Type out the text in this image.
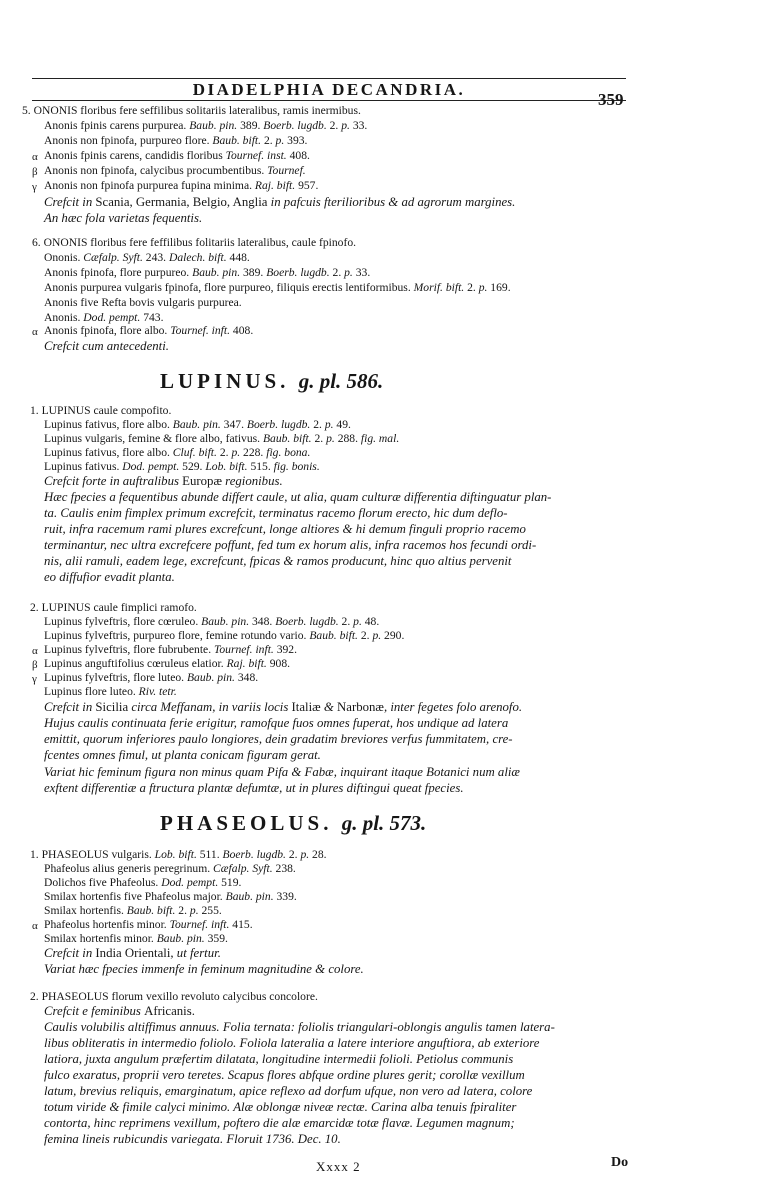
DIADELPHIA DECANDRIA.
359
5. ONONIS floribus fere seffilibus solitariis lateralibus, ramis inermibus.
Anonis fpinis carens purpurea. Baub. pin. 389. Boerb. lugdb. 2. p. 33.
Anonis non fpinofa, purpureo flore. Baub. bift. 2. p. 393.
α Anonis fpinis carens, candidis floribus Tournef. inst. 408.
β Anonis non fpinofa, calycibus procumbentibus. Tournef.
γ Anonis non fpinofa purpurea fupina minima. Raj. bift. 957.
Crefcit in Scania, Germania, Belgio, Anglia in pafcuis fterilioribus & ad agrorum margines.
An hæc fola varietas fequentis.
6. ONONIS floribus fere feffilibus folitariis lateralibus, caule fpinofo.
Ononis. Cæfalp. Syft. 243. Dalech. bift. 448.
Anonis fpinofa, flore purpureo. Baub. pin. 389. Boerb. lugdb. 2. p. 33.
Anonis purpurea vulgaris fpinofa, flore purpureo, filiquis erectis lentiformibus. Morif. bift. 2. p. 169.
Anonis five Refta bovis vulgaris purpurea.
Anonis. Dod. pempt. 743.
α Anonis fpinofa, flore albo. Tournef. inft. 408.
Crefcit cum antecedenti.
LUPINUS. g. pl. 586.
1. LUPINUS caule compofito.
Lupinus fativus, flore albo. Baub. pin. 347. Boerb. lugdb. 2. p. 49.
Lupinus vulgaris, femine & flore albo, fativus. Baub. bift. 2. p. 288. fig. mal.
Lupinus fativus, flore albo. Cluf. bift. 2. p. 228. fig. bona.
Lupinus fativus. Dod. pempt. 529. Lob. bift. 515. fig. bonis.
Crefcit forte in auftralibus Europæ regionibus.
Hæc fpecies a fequentibus abunde differt caule, ut alia, quam culturæ differentia diftinguatur plan-
ta. Caulis enim fimplex primum excrefcit, terminatus racemo florum erecto, hic dum deflo-
ruit, infra racemum rami plures excrefcunt, longe altiores & hi demum finguli proprio racemo
terminantur, nec ultra excrefcere poffunt, fed tum ex horum alis, infra racemos hos fecundi ordi-
nis, alii ramuli, eadem lege, excrefcunt, fpicas & ramos producunt, hinc quo altius pervenit
eo diffufior evadit planta.
2. LUPINUS caule fimplici ramofo.
Lupinus fylveftris, flore cœruleo. Baub. pin. 348. Boerb. lugdb. 2. p. 48.
Lupinus fylveftris, purpureo flore, femine rotundo vario. Baub. bift. 2. p. 290.
α Lupinus fylveftris, flore fubrubente. Tournef. inft. 392.
β Lupinus anguftifolius cœruleus elatior. Raj. bift. 908.
γ Lupinus fylveftris, flore luteo. Baub. pin. 348.
Lupinus flore luteo. Riv. tetr.
Crefcit in Sicilia circa Meffanam, in variis locis Italiæ & Narbonæ, inter fegetes folo arenofo.
Hujus caulis continuata ferie erigitur, ramofque fuos omnes fuperat, hos undique ad latera
emittit, quorum inferiores paulo longiores, dein gradatim breviores verfus fummitatem, cre-
fcentes omnes fimul, ut planta conicam figuram gerat.
Variat hic feminum figura non minus quam Pifa & Fabæ, inquirant itaque Botanici num aliæ
exftent differentiæ a ftructura plantæ defumtæ, ut in plures diftingui queat fpecies.
PHASEOLUS. g. pl. 573.
1. PHASEOLUS vulgaris. Lob. bift. 511. Boerb. lugdb. 2. p. 28.
Phafeolus alius generis peregrinum. Cæfalp. Syft. 238.
Dolichos five Phafeolus. Dod. pempt. 519.
Smilax hortenfis five Phafeolus major. Baub. pin. 339.
Smilax hortenfis. Baub. bift. 2. p. 255.
α Phafeolus hortenfis minor. Tournef. inft. 415.
Smilax hortenfis minor. Baub. pin. 359.
Crefcit in India Orientali, ut fertur.
Variat hæc fpecies immenfe in feminum magnitudine & colore.
2. PHASEOLUS florum vexillo revoluto calycibus concolore.
Crefcit e feminibus Africanis.
Caulis volubilis altiffimus annuus. Folia ternata: foliolis triangulari-oblongis angulis tamen latera-
libus obliteratis in intermedio foliolo. Foliola lateralia a latere interiore anguftiora, ab exteriore
latiora, juxta angulum præfertim dilatata, longitudine intermedii folioli. Petiolus communis
fulco exaratus, proprii vero teretes. Scapus flores abfque ordine plures gerit; corollæ vexillum
latum, brevius reliquis, emarginatum, apice reflexo ad dorfum ufque, non vero ad latera, colore
totum viride & fimile calyci minimo. Alæ oblongæ niveæ rectæ. Carina alba tenuis fpiraliter
contorta, hinc reprimens vexillum, poftero die alæ emarcidæ totæ flavæ. Legumen magnum;
femina lineis rubicundis variegata. Floruit 1736. Dec. 10.
Xxxx 2	Do
